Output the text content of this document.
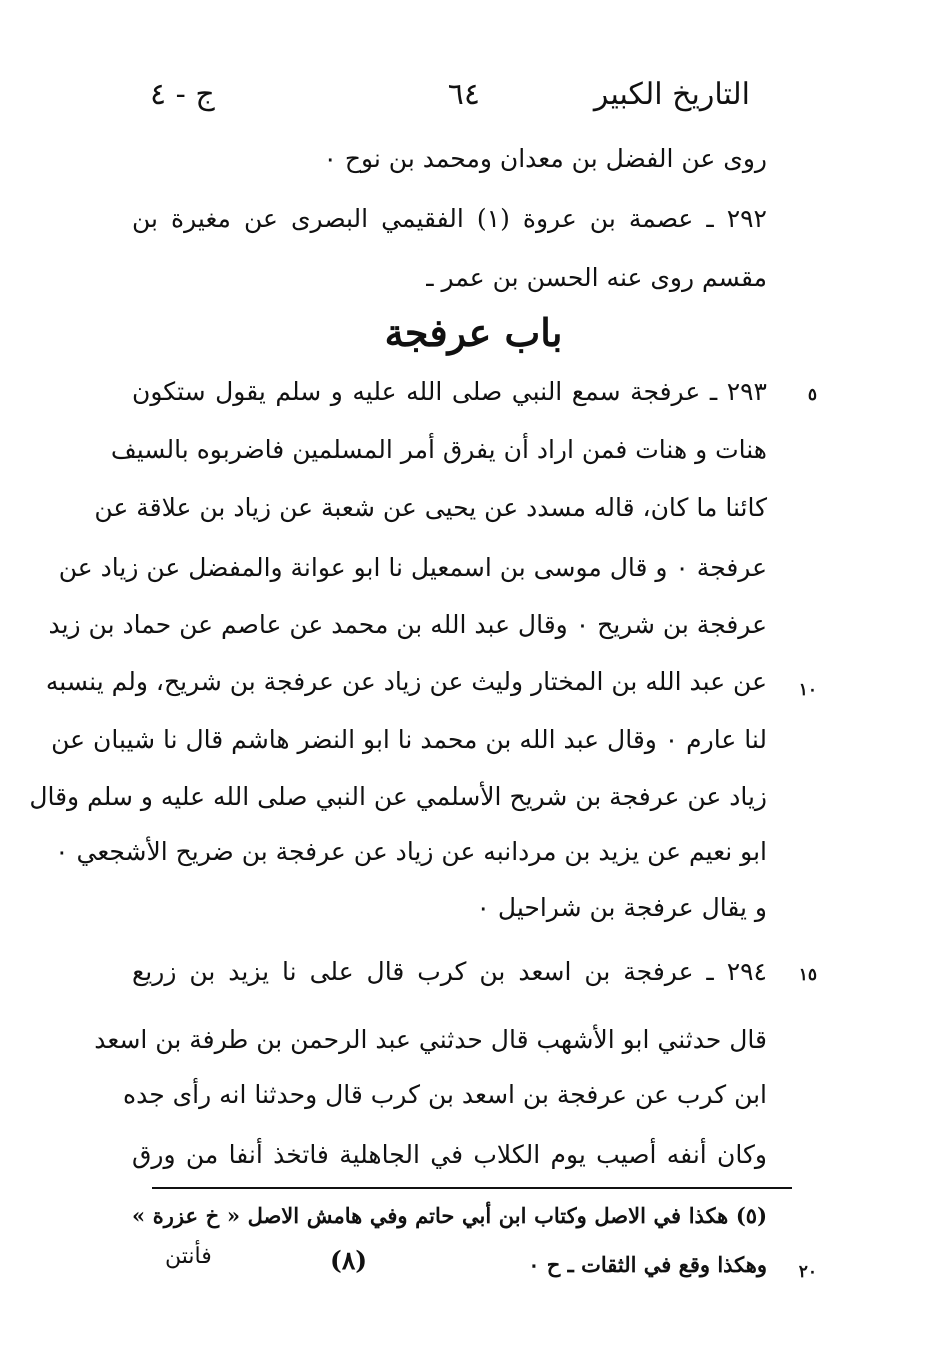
التاريخ الكبير
٦٤
ج - ٤
روى عن الفضل بن معدان ومحمد بن نوح ٠
٢٩٢ ـ عصمة بن عروة (١) الفقيمي البصرى عن مغيرة بن
مقسم روى عنه الحسن بن عمر ـ
باب عرفجة
٢٩٣ ـ عرفجة سمع النبي صلى الله عليه و سلم يقول ستكون
هنات و هنات فمن اراد أن يفرق أمر المسلمين فاضربوه بالسيف
كائنا ما كان، قاله مسدد عن يحيى عن شعبة عن زياد بن علاقة عن
عرفجة ٠ و قال موسى بن اسمعيل نا ابو عوانة والمفضل عن زياد عن
عرفجة بن شريح ٠ وقال عبد الله بن محمد عن عاصم عن حماد بن زيد
عن عبد الله بن المختار وليث عن زياد عن عرفجة بن شريح، ولم ينسبه
لنا عارم ٠ وقال عبد الله بن محمد نا ابو النضر هاشم قال نا شيبان عن
زياد عن عرفجة بن شريح الأسلمي عن النبي صلى الله عليه و سلم وقال
ابو نعيم عن يزيد بن مردانبه عن زياد عن عرفجة بن ضريح الأشجعي ٠
و يقال عرفجة بن شراحيل ٠
٢٩٤ ـ عرفجة بن اسعد بن كرب قال على نا يزيد بن زريع
قال حدثني ابو الأشهب قال حدثني عبد الرحمن بن طرفة بن اسعد
ابن كرب عن عرفجة بن اسعد بن كرب قال وحدثنا انه رأى جده
وكان أنفه أصيب يوم الكلاب في الجاهلية فاتخذ أنفا من ورق
٥
١٠
١٥
٢٠
(٥) هكذا في الاصل وكتاب ابن أبي حاتم وفي هامش الاصل « خ عزرة »
وهكذا وقع في الثقات ـ ح ٠
(٨)
فأنتن
